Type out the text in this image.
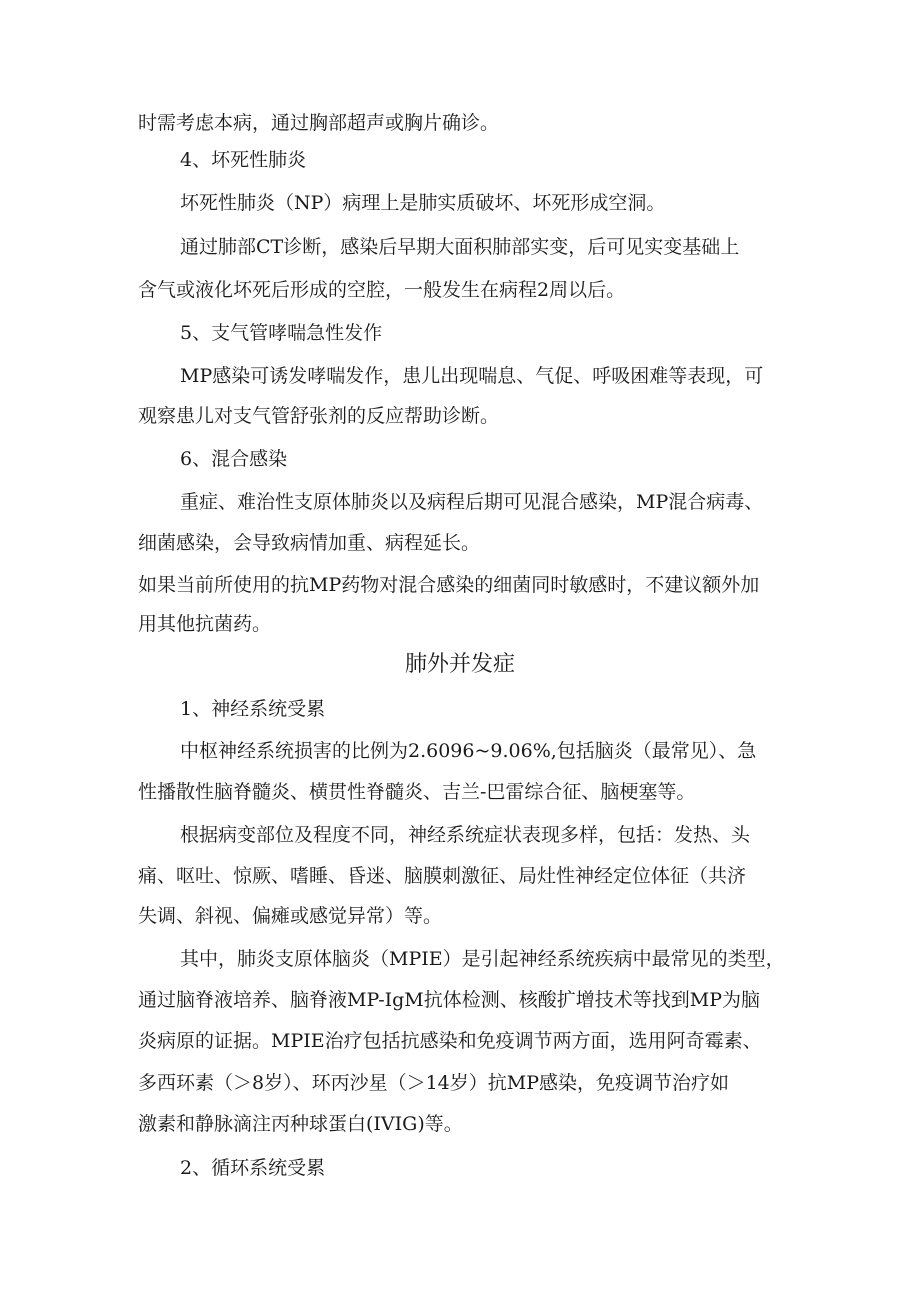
时需考虑本病，通过胸部超声或胸片确诊。
4、坏死性肺炎
坏死性肺炎（NP）病理上是肺实质破坏、坏死形成空洞。
通过肺部CT诊断，感染后早期大面积肺部实变，后可见实变基础上
含气或液化坏死后形成的空腔，一般发生在病程2周以后。
5、支气管哮喘急性发作
MP感染可诱发哮喘发作，患儿出现喘息、气促、呼吸困难等表现，可
观察患儿对支气管舒张剂的反应帮助诊断。
6、混合感染
重症、难治性支原体肺炎以及病程后期可见混合感染，MP混合病毒、
细菌感染，会导致病情加重、病程延长。
如果当前所使用的抗MP药物对混合感染的细菌同时敏感时，不建议额外加
用其他抗菌药。
肺外并发症
1、神经系统受累
中枢神经系统损害的比例为2.6096~9.06%,包括脑炎（最常见）、急
性播散性脑脊髓炎、横贯性脊髓炎、吉兰-巴雷综合征、脑梗塞等。
根据病变部位及程度不同，神经系统症状表现多样，包括：发热、头
痛、呕吐、惊厥、嗜睡、昏迷、脑膜刺激征、局灶性神经定位体征（共济
失调、斜视、偏瘫或感觉异常）等。
其中，肺炎支原体脑炎（MPIE）是引起神经系统疾病中最常见的类型，
通过脑脊液培养、脑脊液MP-IgM抗体检测、核酸扩增技术等找到MP为脑
炎病原的证据。MPIE治疗包括抗感染和免疫调节两方面，选用阿奇霉素、
多西环素（＞8岁）、环丙沙星（＞14岁）抗MP感染，免疫调节治疗如
激素和静脉滴注丙种球蛋白(IVIG)等。
2、循环系统受累
